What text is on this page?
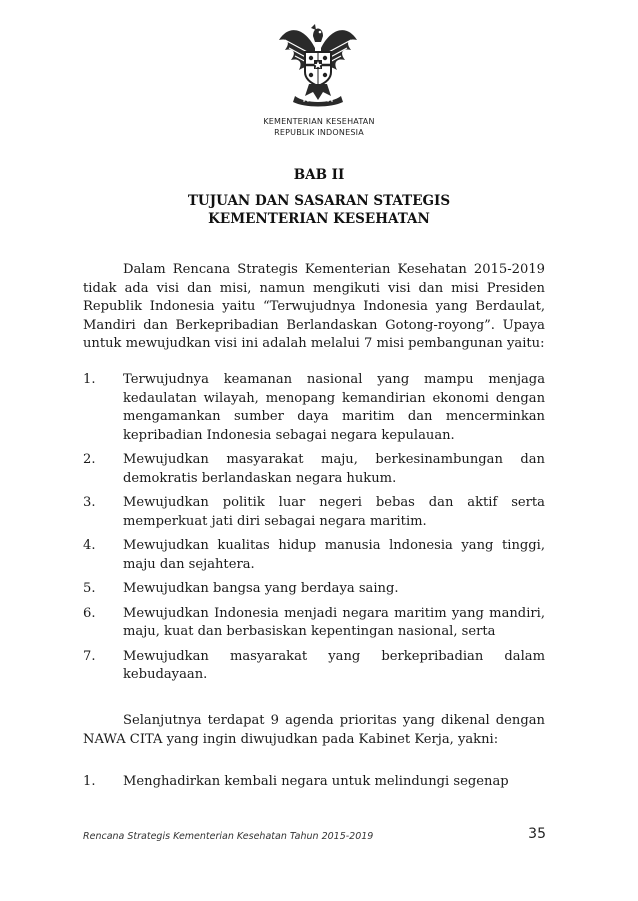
KEMENTERIAN KESEHATAN
REPUBLIK INDONESIA
BAB II
TUJUAN DAN SASARAN STATEGIS
KEMENTERIAN KESEHATAN

Dalam Rencana Strategis Kementerian Kesehatan 2015-2019 tidak ada visi dan misi, namun mengikuti visi dan misi Presiden Republik Indonesia yaitu “Terwujudnya Indonesia yang Berdaulat, Mandiri dan Berkepribadian Berlandaskan Gotong-royong”. Upaya untuk mewujudkan visi ini adalah melalui 7 misi pembangunan yaitu:

1. Terwujudnya keamanan nasional yang mampu menjaga kedaulatan wilayah, menopang kemandirian ekonomi dengan mengamankan sumber daya maritim dan mencerminkan kepribadian Indonesia sebagai negara kepulauan.
2. Mewujudkan masyarakat maju, berkesinambungan dan demokratis berlandaskan negara hukum.
3. Mewujudkan politik luar negeri bebas dan aktif serta memperkuat jati diri sebagai negara maritim.
4. Mewujudkan kualitas hidup manusia lndonesia yang tinggi, maju dan sejahtera.
5. Mewujudkan bangsa yang berdaya saing.
6. Mewujudkan Indonesia menjadi negara maritim yang mandiri, maju, kuat dan berbasiskan kepentingan nasional, serta
7. Mewujudkan masyarakat yang berkepribadian dalam kebudayaan.

Selanjutnya terdapat 9 agenda prioritas yang dikenal dengan NAWA CITA yang ingin diwujudkan pada Kabinet Kerja, yakni:

1. Menghadirkan kembali negara untuk melindungi segenap
Rencana Strategis Kementerian Kesehatan Tahun 2015-2019	35
